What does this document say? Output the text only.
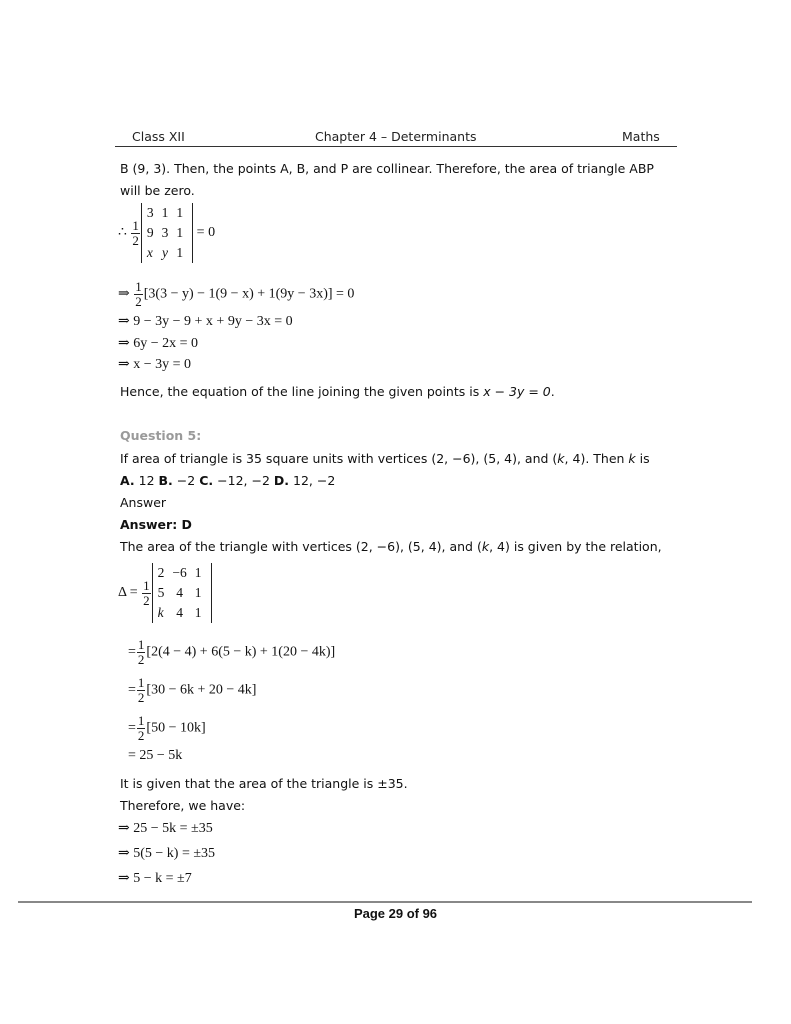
Class XII	Chapter 4 – Determinants	Maths
B (9, 3). Then, the points A, B, and P are collinear. Therefore, the area of triangle ABP
will be zero.
∴ $\frac{1}{2}$
3	1	1
9	3	1
x	y	1
= 0
⇒ $\frac{1}{2} [3(3 - y) - 1(9 - x) + 1(9y - 3x)] = 0$
⇒ 9 − 3y − 9 + x + 9y − 3x = 0
⇒ 6y − 2x = 0
⇒ x − 3y = 0
Hence, the equation of the line joining the given points is x − 3y = 0.
Question 5:
If area of triangle is 35 square units with vertices (2, −6), (5, 4), and (k, 4). Then k is
A. 12 B. −2 C. −12, −2 D. 12, −2
Answer
Answer: D
The area of the triangle with vertices (2, −6), (5, 4), and (k, 4) is given by the relation,
$\Delta = \frac{1}{2}$
2	−6	1
5	4	1
k	4	1
= $\frac{1}{2} [2(4 - 4) + 6(5 - k) + 1(20 - 4k)]$
= $\frac{1}{2} [30 - 6k + 20 - 4k]$
= $\frac{1}{2} [50 - 10k]$
= 25 − 5k
It is given that the area of the triangle is ±35.
Therefore, we have:
⇒ 25 − 5k = ±35
⇒ 5(5 − k) = ±35
⇒ 5 − k = ±7
Page 29 of 96
